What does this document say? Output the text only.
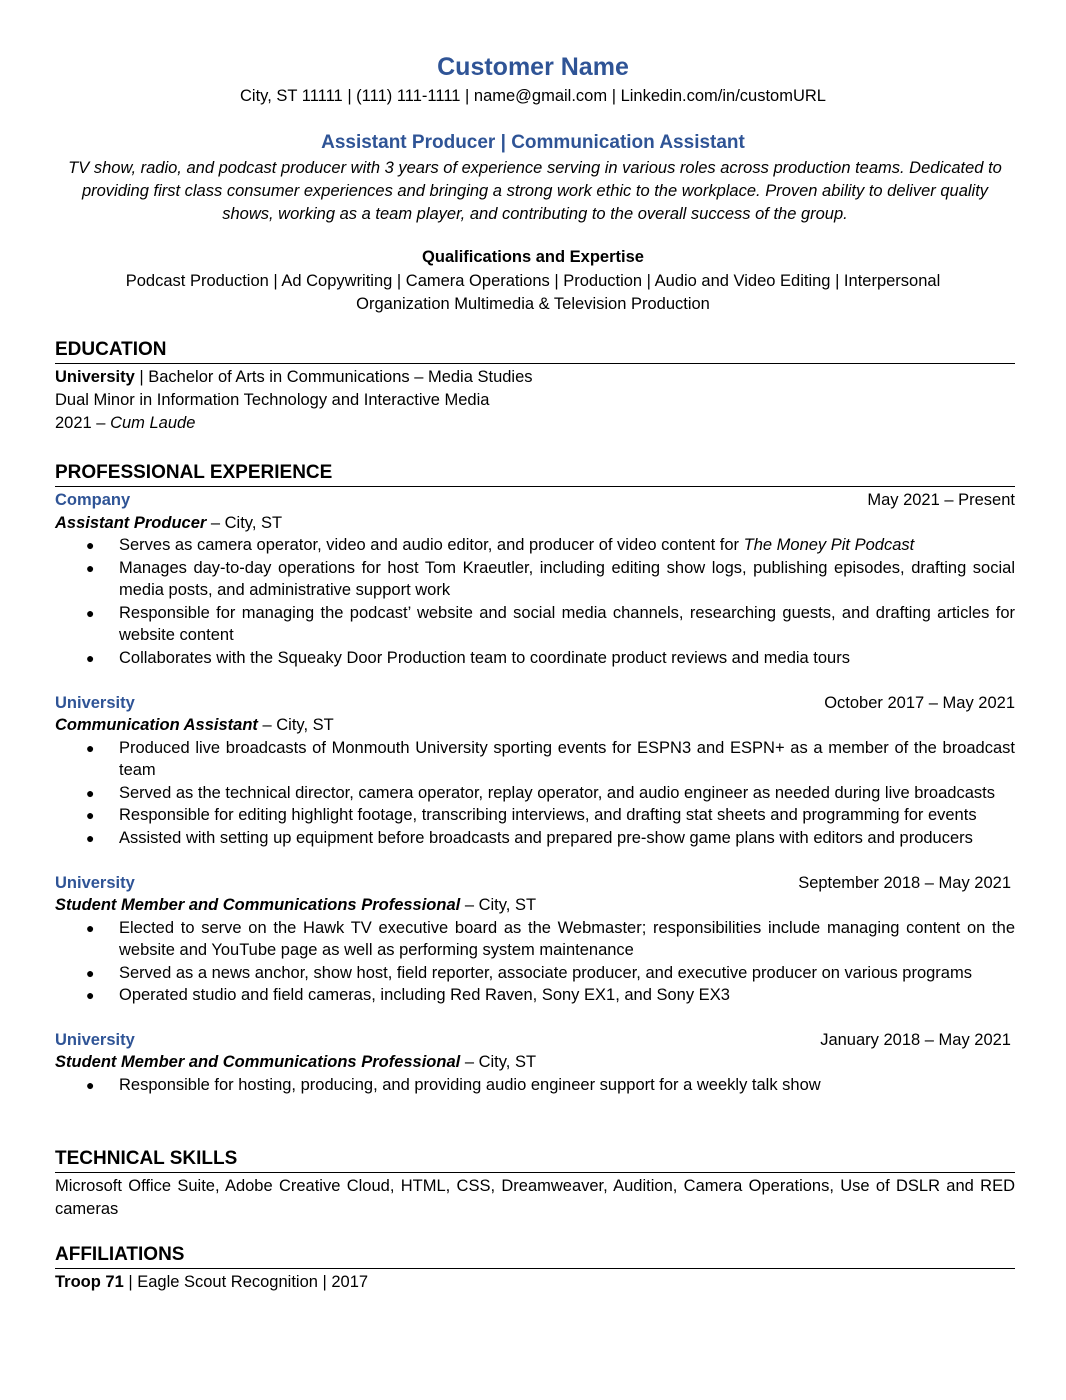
Customer Name
City, ST 11111 | (111) 111-1111 | name@gmail.com | Linkedin.com/in/customURL
Assistant Producer | Communication Assistant
TV show, radio, and podcast producer with 3 years of experience serving in various roles across production teams. Dedicated to providing first class consumer experiences and bringing a strong work ethic to the workplace. Proven ability to deliver quality shows, working as a team player, and contributing to the overall success of the group.
Qualifications and Expertise
Podcast Production | Ad Copywriting | Camera Operations | Production | Audio and Video Editing | Interpersonal Organization Multimedia & Television Production
EDUCATION
University | Bachelor of Arts in Communications – Media Studies
Dual Minor in Information Technology and Interactive Media
2021 – Cum Laude
PROFESSIONAL EXPERIENCE
Company	May 2021 – Present
Assistant Producer – City, ST
● Serves as camera operator, video and audio editor, and producer of video content for The Money Pit Podcast
● Manages day-to-day operations for host Tom Kraeutler, including editing show logs, publishing episodes, drafting social media posts, and administrative support work
● Responsible for managing the podcast’ website and social media channels, researching guests, and drafting articles for website content
● Collaborates with the Squeaky Door Production team to coordinate product reviews and media tours
University	October 2017 – May 2021
Communication Assistant – City, ST
● Produced live broadcasts of Monmouth University sporting events for ESPN3 and ESPN+ as a member of the broadcast team
● Served as the technical director, camera operator, replay operator, and audio engineer as needed during live broadcasts
● Responsible for editing highlight footage, transcribing interviews, and drafting stat sheets and programming for events
● Assisted with setting up equipment before broadcasts and prepared pre-show game plans with editors and producers
University	September 2018 – May 2021
Student Member and Communications Professional – City, ST
● Elected to serve on the Hawk TV executive board as the Webmaster; responsibilities include managing content on the website and YouTube page as well as performing system maintenance
● Served as a news anchor, show host, field reporter, associate producer, and executive producer on various programs
● Operated studio and field cameras, including Red Raven, Sony EX1, and Sony EX3
University	January 2018 – May 2021
Student Member and Communications Professional – City, ST
● Responsible for hosting, producing, and providing audio engineer support for a weekly talk show
TECHNICAL SKILLS
Microsoft Office Suite, Adobe Creative Cloud, HTML, CSS, Dreamweaver, Audition, Camera Operations, Use of DSLR and RED cameras
AFFILIATIONS
Troop 71 | Eagle Scout Recognition | 2017
